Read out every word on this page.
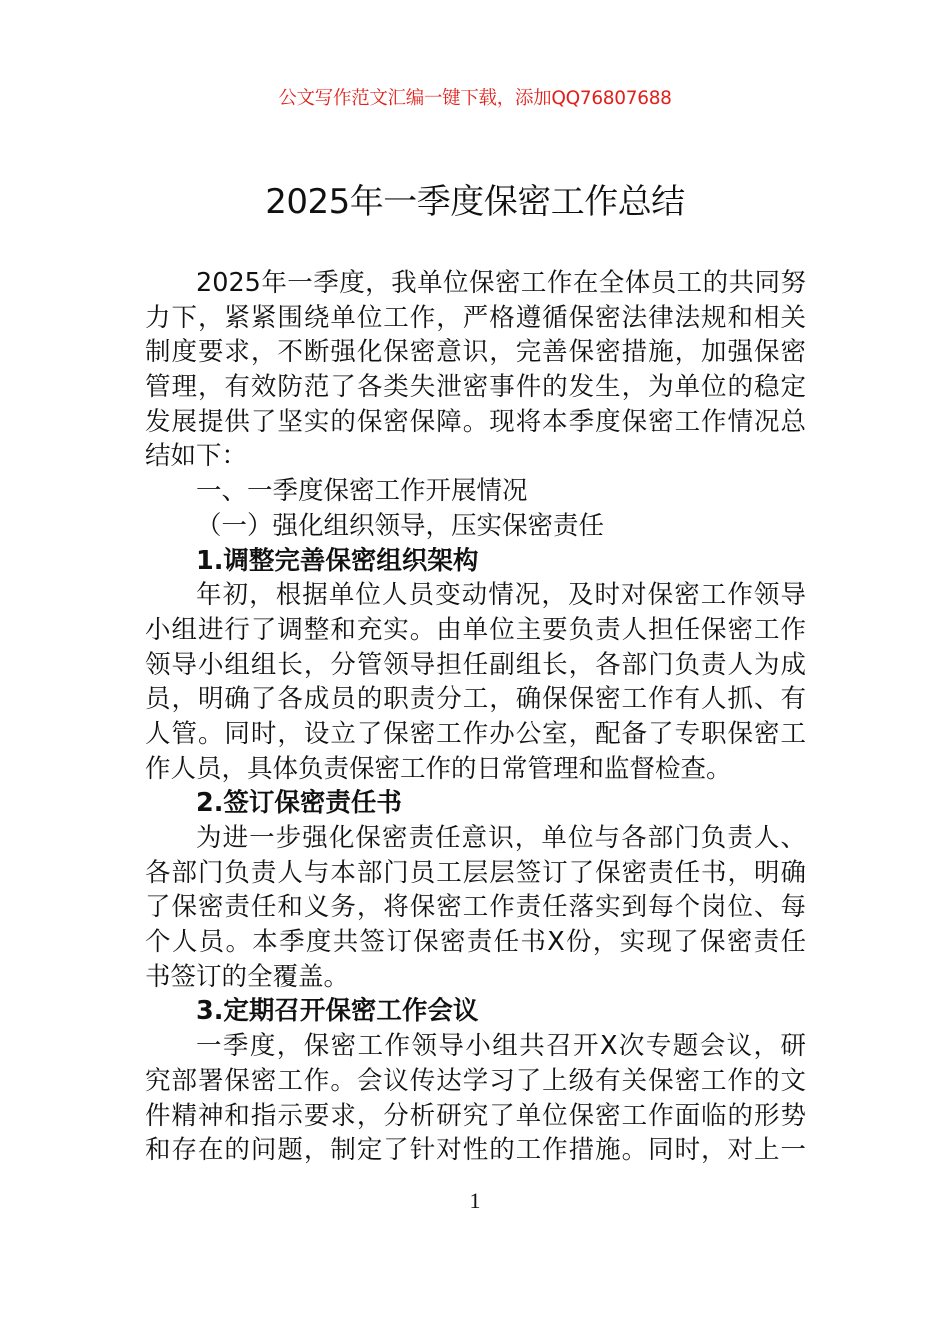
公文写作范文汇编一键下载，添加QQ76807688
2025年一季度保密工作总结
2025年一季度，我单位保密工作在全体员工的共同努
力下，紧紧围绕单位工作，严格遵循保密法律法规和相关
制度要求，不断强化保密意识，完善保密措施，加强保密
管理，有效防范了各类失泄密事件的发生，为单位的稳定
发展提供了坚实的保密保障。现将本季度保密工作情况总
结如下：
一、一季度保密工作开展情况
（一）强化组织领导，压实保密责任
1.调整完善保密组织架构
年初，根据单位人员变动情况，及时对保密工作领导
小组进行了调整和充实。由单位主要负责人担任保密工作
领导小组组长，分管领导担任副组长，各部门负责人为成
员，明确了各成员的职责分工，确保保密工作有人抓、有
人管。同时，设立了保密工作办公室，配备了专职保密工
作人员，具体负责保密工作的日常管理和监督检查。
2.签订保密责任书
为进一步强化保密责任意识，单位与各部门负责人、
各部门负责人与本部门员工层层签订了保密责任书，明确
了保密责任和义务，将保密工作责任落实到每个岗位、每
个人员。本季度共签订保密责任书X份，实现了保密责任
书签订的全覆盖。
3.定期召开保密工作会议
一季度，保密工作领导小组共召开X次专题会议，研
究部署保密工作。会议传达学习了上级有关保密工作的文
件精神和指示要求，分析研究了单位保密工作面临的形势
和存在的问题，制定了针对性的工作措施。同时，对上一
1
